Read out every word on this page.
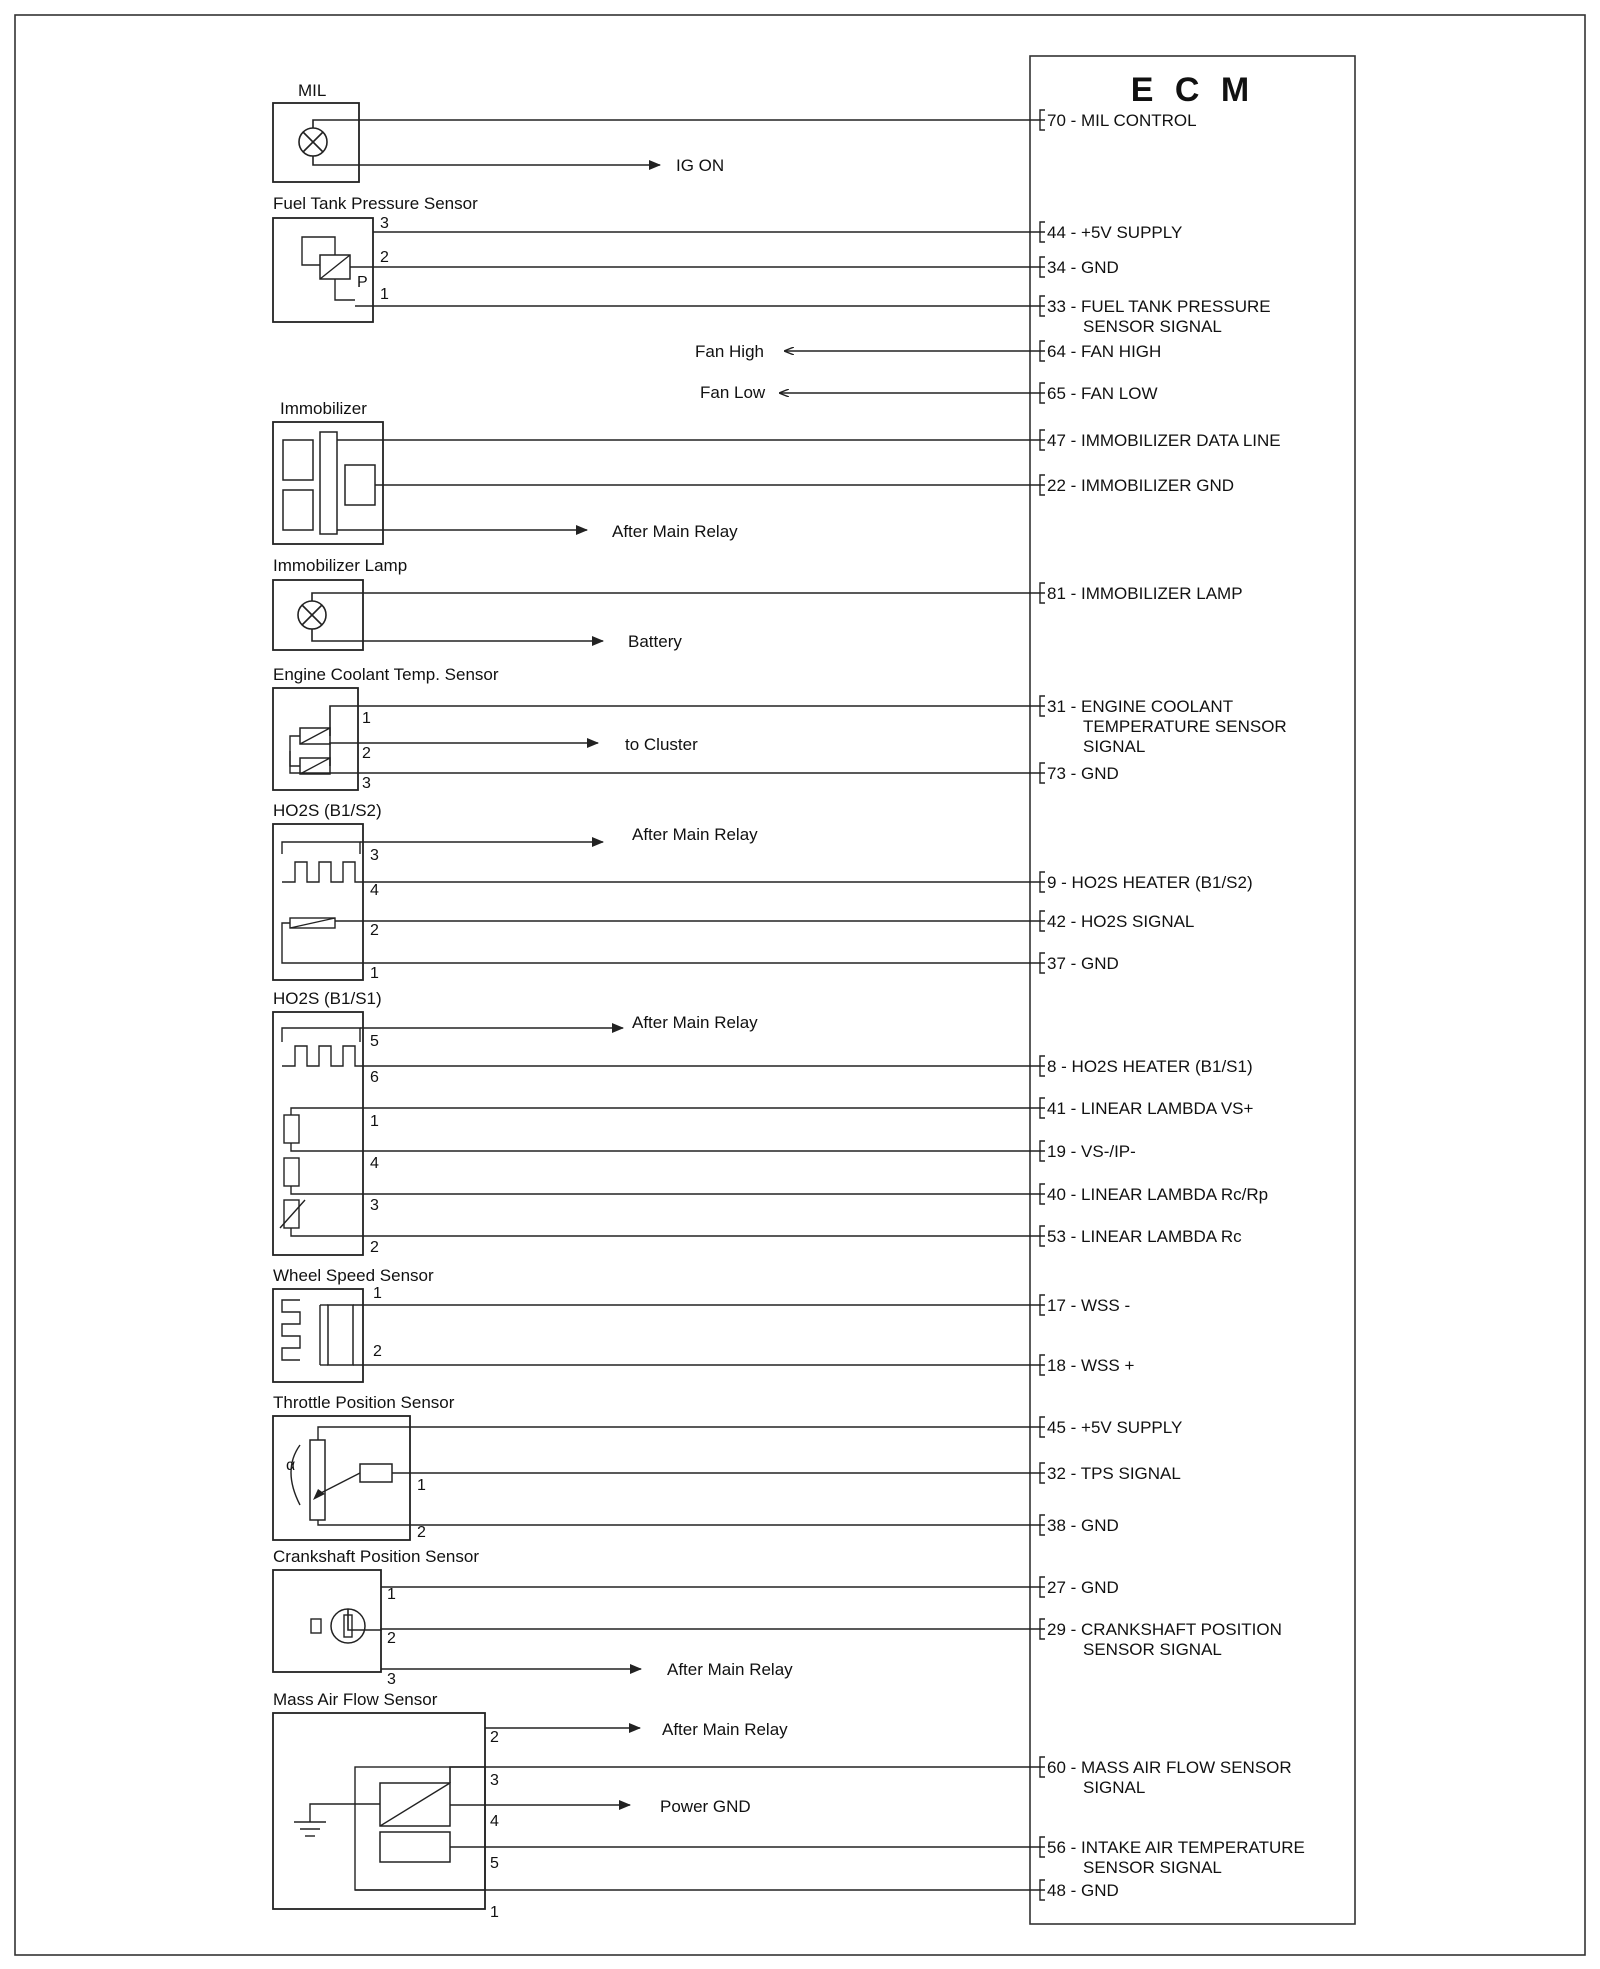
E C M
70 - MIL CONTROL
44 - +5V SUPPLY
34 - GND
33 - FUEL TANK PRESSURE SENSOR SIGNAL
64 - FAN HIGH
65 - FAN LOW
47 - IMMOBILIZER DATA LINE
22 - IMMOBILIZER GND
81 - IMMOBILIZER LAMP
31 - ENGINE COOLANT TEMPERATURE SENSOR SIGNAL
73 - GND
9 - HO2S HEATER (B1/S2)
42 - HO2S SIGNAL
37 - GND
8 - HO2S HEATER (B1/S1)
41 - LINEAR LAMBDA VS+
19 - VS-/IP-
40 - LINEAR LAMBDA Rc/Rp
53 - LINEAR LAMBDA Rc
17 - WSS -
18 - WSS +
45 - +5V SUPPLY
32 - TPS SIGNAL
38 - GND
27 - GND
29 - CRANKSHAFT POSITION SENSOR SIGNAL
60 - MASS AIR FLOW SENSOR SIGNAL
56 - INTAKE AIR TEMPERATURE SENSOR SIGNAL
48 - GND
MIL
IG ON
Fuel Tank Pressure Sensor
P
3
2
1
Fan High
Fan Low
Immobilizer
After Main Relay
Immobilizer Lamp
Battery
Engine Coolant Temp. Sensor
1
2
3
to Cluster
HO2S (B1/S2)
3
4
2
1
After Main Relay
HO2S (B1/S1)
5
6
1
4
3
2
After Main Relay
Wheel Speed Sensor
1
2
Throttle Position Sensor
α
1
2
Crankshaft Position Sensor
1
2
3
After Main Relay
Mass Air Flow Sensor
2
3
4
5
1
After Main Relay
Power GND
